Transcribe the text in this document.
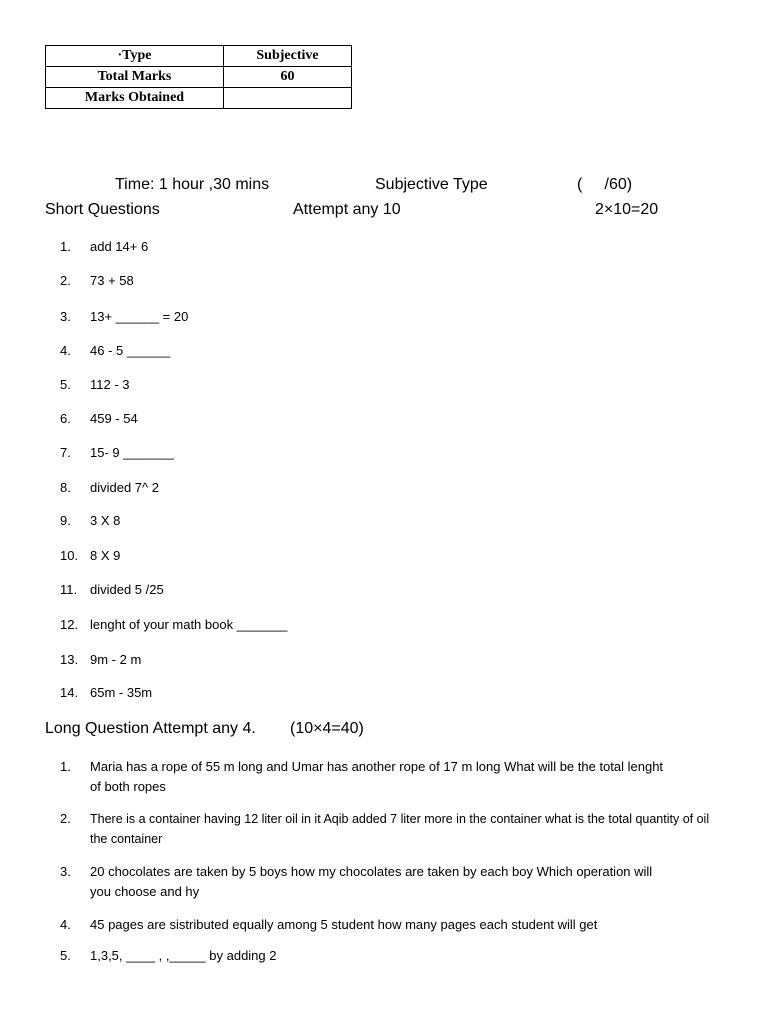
·Type	Subjective
Total Marks	60
Marks Obtained	
Time: 1 hour ,30 mins	Subjective Type	(     /60)
Short Questions	Attempt any 10	2×10=20
1.	add 14+ 6
2.	73 + 58
3.	13+ ______ = 20
4.	46 - 5 ______
5.	112 - 3
6.	459 - 54
7.	15- 9 _______
8.	divided 7^ 2
9.	3 X 8
10. 8 X 9
11. divided 5 /25
12. lenght of your math book _______
13. 9m - 2 m
14. 65m - 35m
Long Question Attempt any 4. (10×4=40)
1.	Maria has a rope of 55 m long and Umar has another rope of 17 m long What will be the total lenght of both ropes
2.	There is a container having 12 liter oil in it Aqib added 7 liter more in the container what is the total quantity of oil the container
3.	20 chocolates are taken by 5 boys how my chocolates are taken by each boy Which operation will you choose and hy
4.	45 pages are sistributed equally among 5 student how many pages each student will get
5.	1,3,5, ____ , ,_____ by adding 2
